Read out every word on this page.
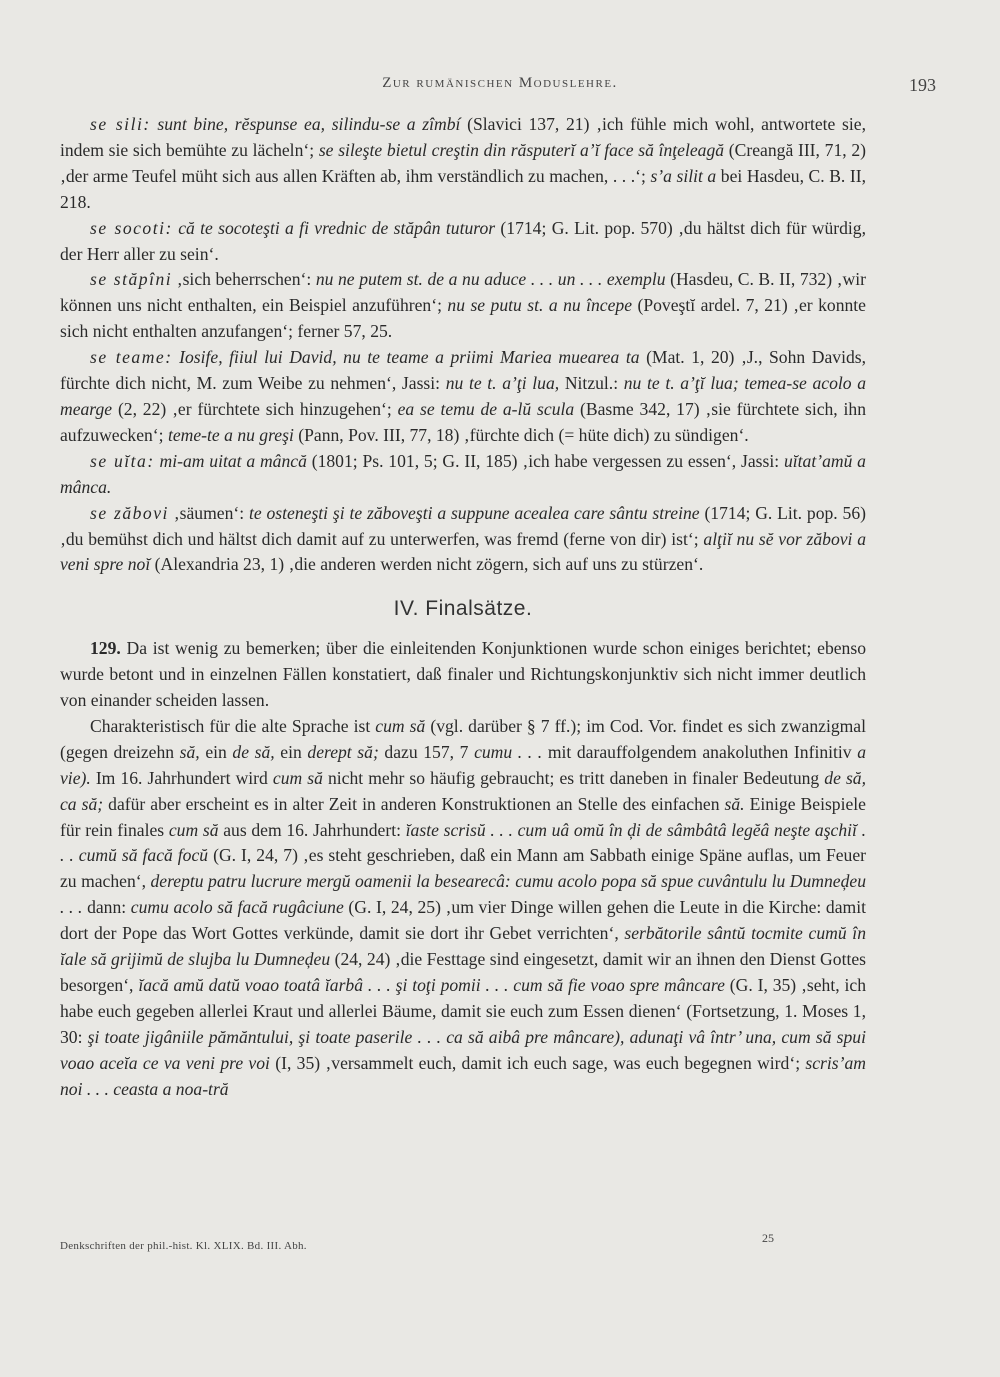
Zur rumänischen Moduslehre.	193

se sili: sunt bine, rĕspunse ea, silindu-se a zîmbí (Slavici 137, 21) ‚ich fühle mich wohl, antwortete sie, indem sie sich bemühte zu lächeln‘; se sileşte bietul creştin din răsputerĭ a’ĭ face să înţeleagă (Creangă III, 71, 2) ‚der arme Teufel müht sich aus allen Kräften ab, ihm verständlich zu machen, . . .‘; s’a silit a bei Hasdeu, C. B. II, 218.

se socoti: că te socoteşti a fi vrednic de stăpân tuturor (1714; G. Lit. pop. 570) ‚du hältst dich für würdig, der Herr aller zu sein‘.

se stăpîni ‚sich beherrschen‘: nu ne putem st. de a nu aduce . . . un . . . exemplu (Hasdeu, C. B. II, 732) ‚wir können uns nicht enthalten, ein Beispiel anzuführen‘; nu se putu st. a nu începe (Poveştĭ ardel. 7, 21) ‚er konnte sich nicht enthalten anzufangen‘; ferner 57, 25.

se teame: Iosife, fiiul lui David, nu te teame a priimi Mariea muearea ta (Mat. 1, 20) ‚J., Sohn Davids, fürchte dich nicht, M. zum Weibe zu nehmen‘, Jassi: nu te t. a’ţi lua, Nitzul.: nu te t. a’ţĭ lua; temea-se acolo a mearge (2, 22) ‚er fürchtete sich hinzugehen‘; ea se temu de a-lŭ scula (Basme 342, 17) ‚sie fürchtete sich, ihn aufzuwecken‘; teme-te a nu greşi (Pann, Pov. III, 77, 18) ‚fürchte dich (= hüte dich) zu sündigen‘.

se uĭta: mi-am uitat a mâncă (1801; Ps. 101, 5; G. II, 185) ‚ich habe vergessen zu essen‘, Jassi: uĭtat’amŭ a mânca.

se zăbovi ‚säumen‘: te osteneşti şi te zăboveşti a suppune acealea care sântu streine (1714; G. Lit. pop. 56) ‚du bemühst dich und hältst dich damit auf zu unterwerfen, was fremd (ferne von dir) ist‘; alţiĭ nu sĕ vor zăbovi a veni spre noĭ (Alexandria 23, 1) ‚die anderen werden nicht zögern, sich auf uns zu stürzen‘.

IV. Finalsätze.

129. Da ist wenig zu bemerken; über die einleitenden Konjunktionen wurde schon einiges berichtet; ebenso wurde betont und in einzelnen Fällen konstatiert, daß finaler und Richtungskonjunktiv sich nicht immer deutlich von einander scheiden lassen.

Charakteristisch für die alte Sprache ist cum să (vgl. darüber § 7 ff.); im Cod. Vor. findet es sich zwanzigmal (gegen dreizehn să, ein de să, ein derept să; dazu 157, 7 cumu . . . mit darauffolgendem anakoluthen Infinitiv a vie). Im 16. Jahrhundert wird cum să nicht mehr so häufig gebraucht; es tritt daneben in finaler Bedeutung de să, ca să; dafür aber erscheint es in alter Zeit in anderen Konstruktionen an Stelle des einfachen să. Einige Beispiele für rein finales cum să aus dem 16. Jahrhundert: ĭaste scrisŭ . . . cum uâ omŭ în ḑi de sâmbâtâ legĕâ neşte aşchiĭ . . . cumŭ să facă focŭ (G. I, 24, 7) ‚es steht geschrieben, daß ein Mann am Sabbath einige Späne auflas, um Feuer zu machen‘, dereptu patru lucrure mergŭ oamenii la besearecâ: cumu acolo popa să spue cuvântulu lu Dumneḑeu . . . dann: cumu acolo să facă rugâciune (G. I, 24, 25) ‚um vier Dinge willen gehen die Leute in die Kirche: damit dort der Pope das Wort Gottes verkünde, damit sie dort ihr Gebet verrichten‘, serbătorile sântŭ tocmite cumŭ în ĭale să grijimŭ de slujba lu Dumneḑeu (24, 24) ‚die Festtage sind eingesetzt, damit wir an ihnen den Dienst Gottes besorgen‘, ĭacă amŭ datŭ voao toatâ ĭarbâ . . . şi toţi pomii . . . cum să fie voao spre mâncare (G. I, 35) ‚seht, ich habe euch gegeben allerlei Kraut und allerlei Bäume, damit sie euch zum Essen dienen‘ (Fortsetzung, 1. Moses 1, 30: şi toate jigâniile pămăntului, şi toate paserile . . . ca să aibâ pre mâncare), adunaţi vâ într’ una, cum să spui voao aceĭa ce va veni pre voi (I, 35) ‚versammelt euch, damit ich euch sage, was euch begegnen wird‘; scris’am noi . . . ceasta a noa-tră

Denkschriften der phil.-hist. Kl. XLIX. Bd. III. Abh.
25
